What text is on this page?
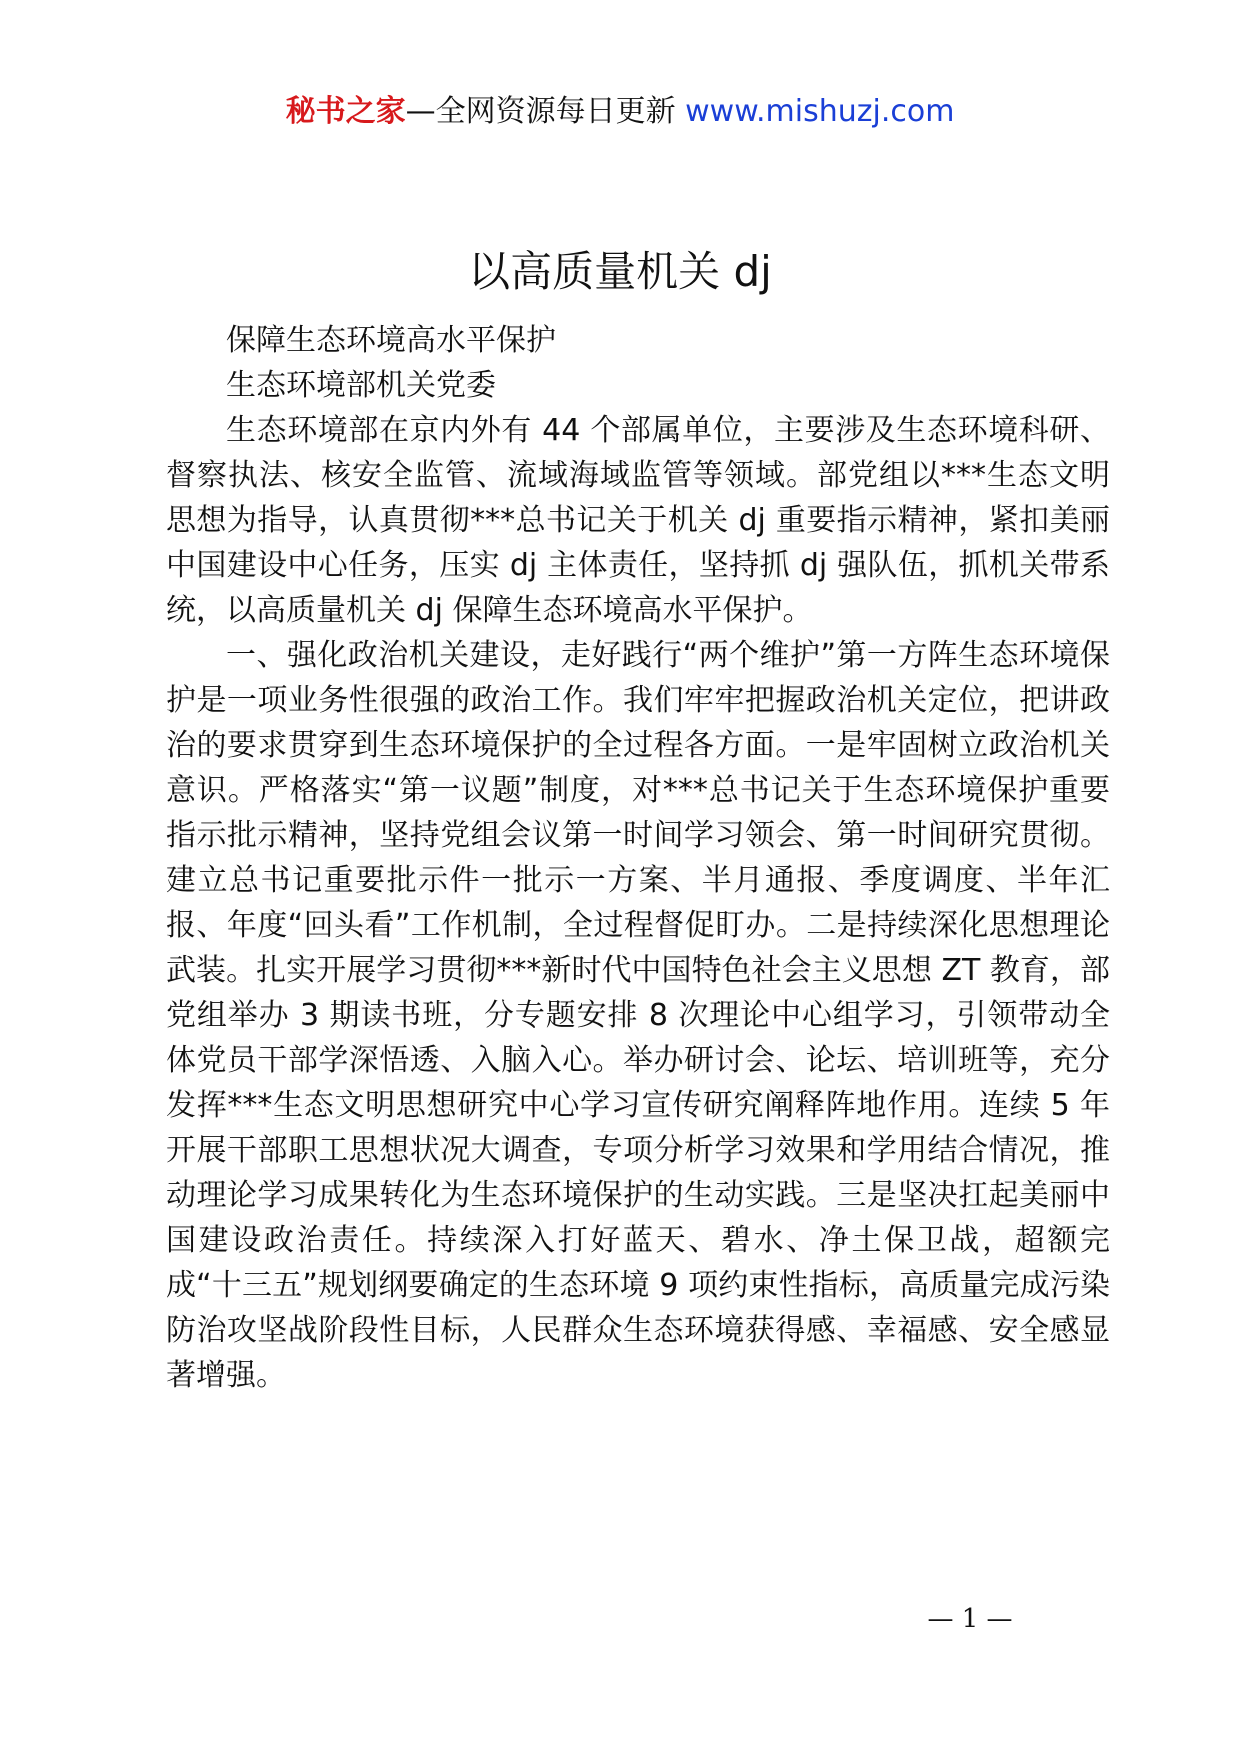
秘书之家—全网资源每日更新 www.mishuzj.com
以高质量机关 dj

保障生态环境高水平保护

生态环境部机关党委

生态环境部在京内外有 44 个部属单位，主要涉及生态环境科研、督察执法、核安全监管、流域海域监管等领域。部党组以***生态文明思想为指导，认真贯彻***总书记关于机关 dj 重要指示精神，紧扣美丽中国建设中心任务，压实 dj 主体责任，坚持抓 dj 强队伍，抓机关带系统，以高质量机关 dj 保障生态环境高水平保护。

一、强化政治机关建设，走好践行“两个维护”第一方阵生态环境保护是一项业务性很强的政治工作。我们牢牢把握政治机关定位，把讲政治的要求贯穿到生态环境保护的全过程各方面。一是牢固树立政治机关意识。严格落实“第一议题”制度，对***总书记关于生态环境保护重要指示批示精神，坚持党组会议第一时间学习领会、第一时间研究贯彻。建立总书记重要批示件一批示一方案、半月通报、季度调度、半年汇报、年度“回头看”工作机制，全过程督促盯办。二是持续深化思想理论武装。扎实开展学习贯彻***新时代中国特色社会主义思想 ZT 教育，部党组举办 3 期读书班，分专题安排 8 次理论中心组学习，引领带动全体党员干部学深悟透、入脑入心。举办研讨会、论坛、培训班等，充分发挥***生态文明思想研究中心学习宣传研究阐释阵地作用。连续 5 年开展干部职工思想状况大调查，专项分析学习效果和学用结合情况，推动理论学习成果转化为生态环境保护的生动实践。三是坚决扛起美丽中国建设政治责任。持续深入打好蓝天、碧水、净土保卫战，超额完成“十三五”规划纲要确定的生态环境 9 项约束性指标，高质量完成污染防治攻坚战阶段性目标，人民群众生态环境获得感、幸福感、安全感显著增强。

— 1 —
